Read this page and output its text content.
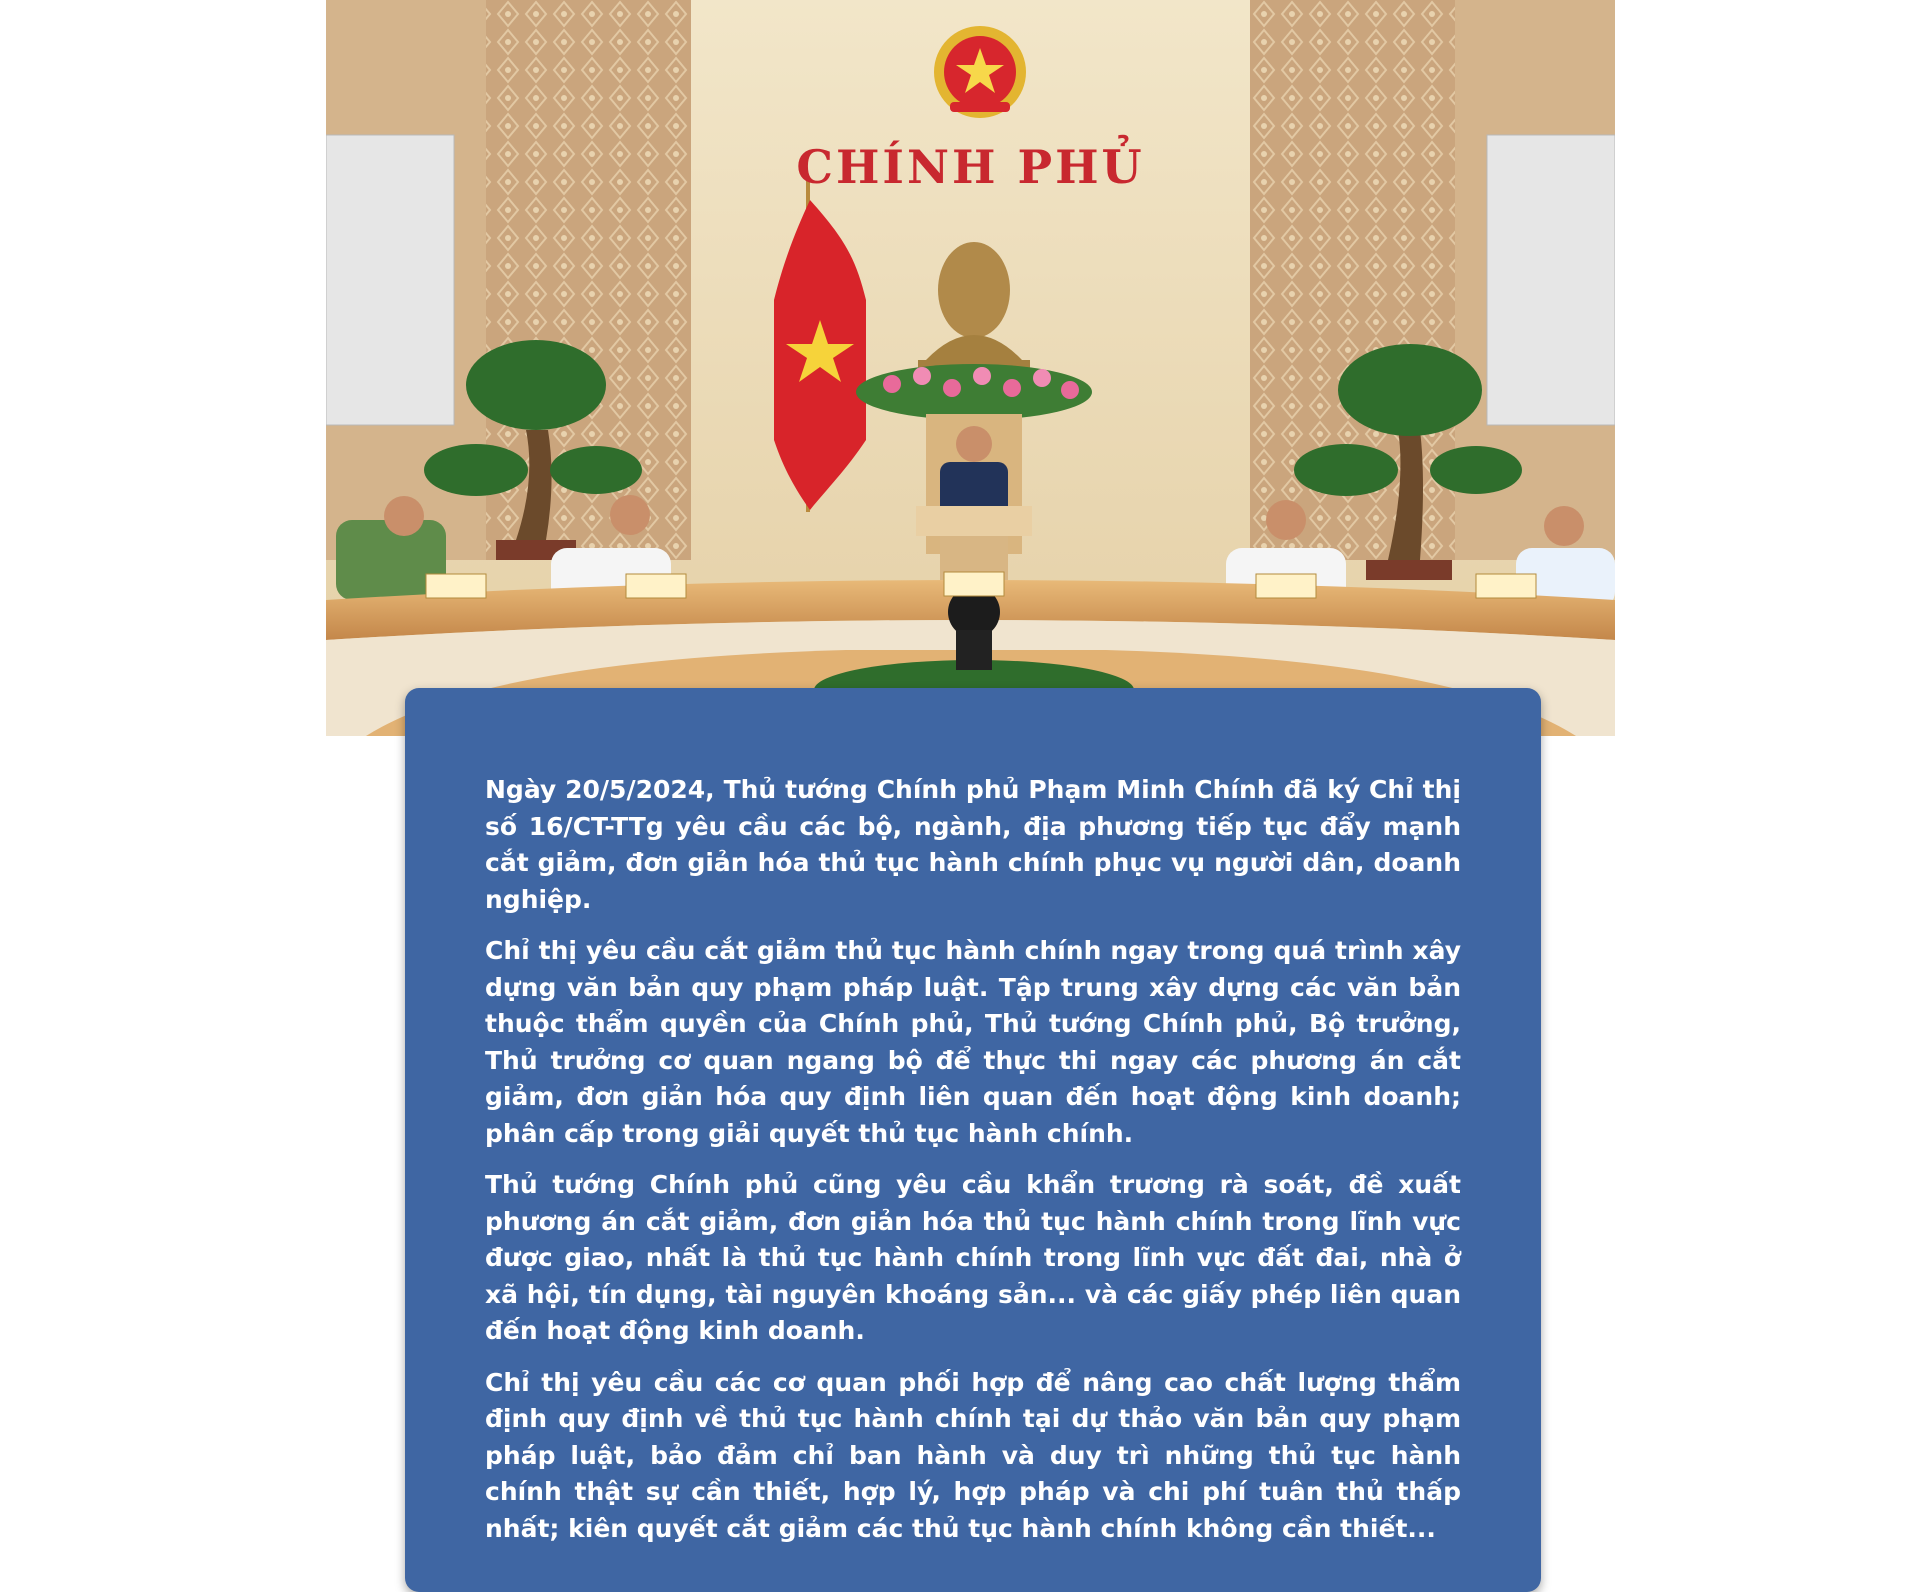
CHÍNH PHỦ

Ngày 20/5/2024, Thủ tướng Chính phủ Phạm Minh Chính đã ký Chỉ thị số 16/CT-TTg yêu cầu các bộ, ngành, địa phương tiếp tục đẩy mạnh cắt giảm, đơn giản hóa thủ tục hành chính phục vụ người dân, doanh nghiệp.

Chỉ thị yêu cầu cắt giảm thủ tục hành chính ngay trong quá trình xây dựng văn bản quy phạm pháp luật. Tập trung xây dựng các văn bản thuộc thẩm quyền của Chính phủ, Thủ tướng Chính phủ, Bộ trưởng, Thủ trưởng cơ quan ngang bộ để thực thi ngay các phương án cắt giảm, đơn giản hóa quy định liên quan đến hoạt động kinh doanh; phân cấp trong giải quyết thủ tục hành chính.

Thủ tướng Chính phủ cũng yêu cầu khẩn trương rà soát, đề xuất phương án cắt giảm, đơn giản hóa thủ tục hành chính trong lĩnh vực được giao, nhất là thủ tục hành chính trong lĩnh vực đất đai, nhà ở xã hội, tín dụng, tài nguyên khoáng sản... và các giấy phép liên quan đến hoạt động kinh doanh.

Chỉ thị yêu cầu các cơ quan phối hợp để nâng cao chất lượng thẩm định quy định về thủ tục hành chính tại dự thảo văn bản quy phạm pháp luật, bảo đảm chỉ ban hành và duy trì những thủ tục hành chính thật sự cần thiết, hợp lý, hợp pháp và chi phí tuân thủ thấp nhất; kiên quyết cắt giảm các thủ tục hành chính không cần thiết...
